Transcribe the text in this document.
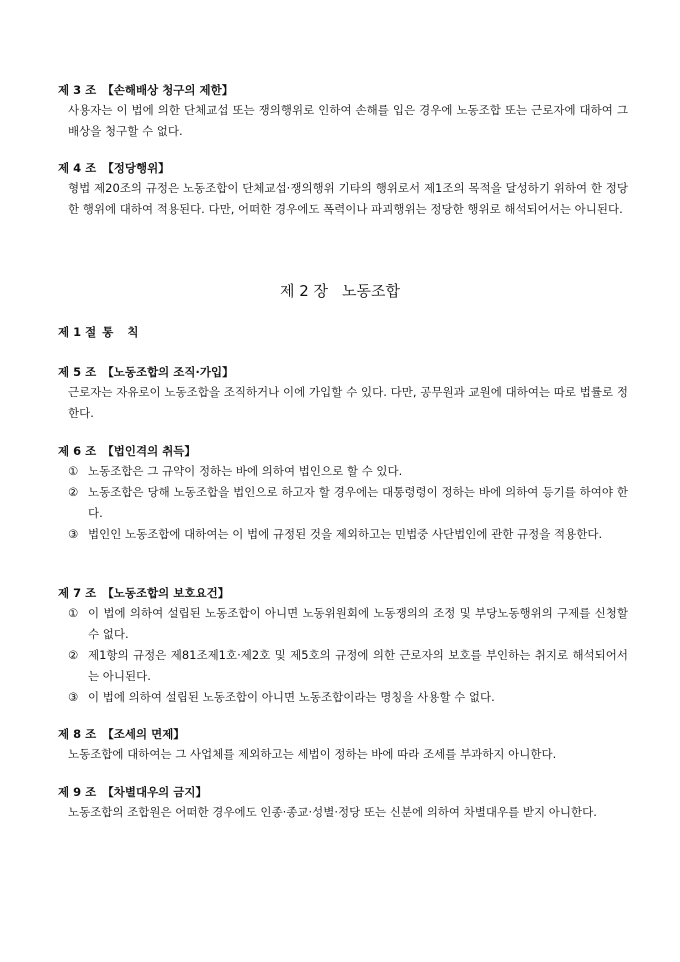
제 3 조 【손해배상 청구의 제한】
사용자는 이 법에 의한 단체교섭 또는 쟁의행위로 인하여 손해를 입은 경우에 노동조합 또는 근로자에 대하여 그 배상을 청구할 수 없다.
제 4 조 【정당행위】
형법 제20조의 규정은 노동조합이 단체교섭·쟁의행위 기타의 행위로서 제1조의 목적을 달성하기 위하여 한 정당한 행위에 대하여 적용된다. 다만, 어떠한 경우에도 폭력이나 파괴행위는 정당한 행위로 해석되어서는 아니된다.
제 2 장 노동조합
제 1 절 통 칙
제 5 조 【노동조합의 조직·가입】
근로자는 자유로이 노동조합을 조직하거나 이에 가입할 수 있다. 다만, 공무원과 교원에 대하여는 따로 법률로 정한다.
제 6 조 【법인격의 취득】
① 노동조합은 그 규약이 정하는 바에 의하여 법인으로 할 수 있다.
② 노동조합은 당해 노동조합을 법인으로 하고자 할 경우에는 대통령령이 정하는 바에 의하여 등기를 하여야 한다.
③ 법인인 노동조합에 대하여는 이 법에 규정된 것을 제외하고는 민법중 사단법인에 관한 규정을 적용한다.
제 7 조 【노동조합의 보호요건】
① 이 법에 의하여 설립된 노동조합이 아니면 노동위원회에 노동쟁의의 조정 및 부당노동행위의 구제를 신청할 수 없다.
② 제1항의 규정은 제81조제1호·제2호 및 제5호의 규정에 의한 근로자의 보호를 부인하는 취지로 해석되어서는 아니된다.
③ 이 법에 의하여 설립된 노동조합이 아니면 노동조합이라는 명칭을 사용할 수 없다.
제 8 조 【조세의 면제】
노동조합에 대하여는 그 사업체를 제외하고는 세법이 정하는 바에 따라 조세를 부과하지 아니한다.
제 9 조 【차별대우의 금지】
노동조합의 조합원은 어떠한 경우에도 인종·종교·성별·정당 또는 신분에 의하여 차별대우를 받지 아니한다.
